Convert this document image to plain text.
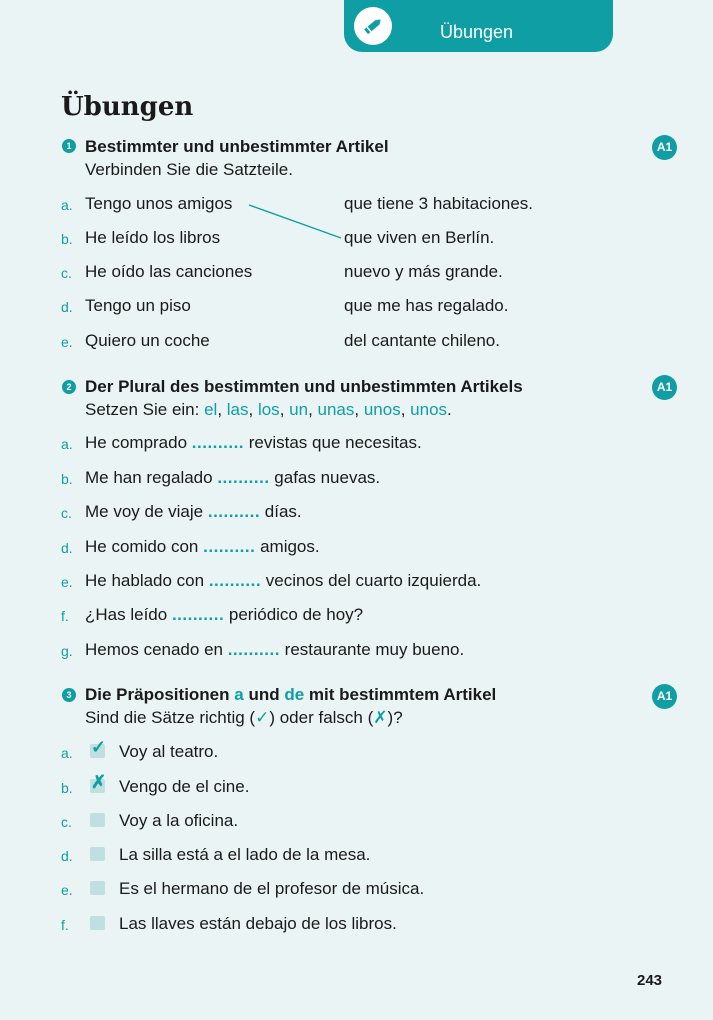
Übungen
Übungen
1 Bestimmter und unbestimmter Artikel
Verbinden Sie die Satzteile.
A1
a. Tengo unos amigos	que tiene 3 habitaciones.
b. He leído los libros	que viven en Berlín.
c. He oído las canciones	nuevo y más grande.
d. Tengo un piso	que me has regalado.
e. Quiero un coche	del cantante chileno.
2 Der Plural des bestimmten und unbestimmten Artikels
Setzen Sie ein: el, las, los, un, unas, unos, unos.
A1
a. He comprado .......... revistas que necesitas.
b. Me han regalado .......... gafas nuevas.
c. Me voy de viaje .......... días.
d. He comido con .......... amigos.
e. He hablado con .......... vecinos del cuarto izquierda.
f. ¿Has leído .......... periódico de hoy?
g. Hemos cenado en .......... restaurante muy bueno.
3 Die Präpositionen a und de mit bestimmtem Artikel
Sind die Sätze richtig (✓) oder falsch (✗)?
A1
a. ✓ Voy al teatro.
b. ✗ Vengo de el cine.
c.	Voy a la oficina.
d.	La silla está a el lado de la mesa.
e.	Es el hermano de el profesor de música.
f.	Las llaves están debajo de los libros.
243
